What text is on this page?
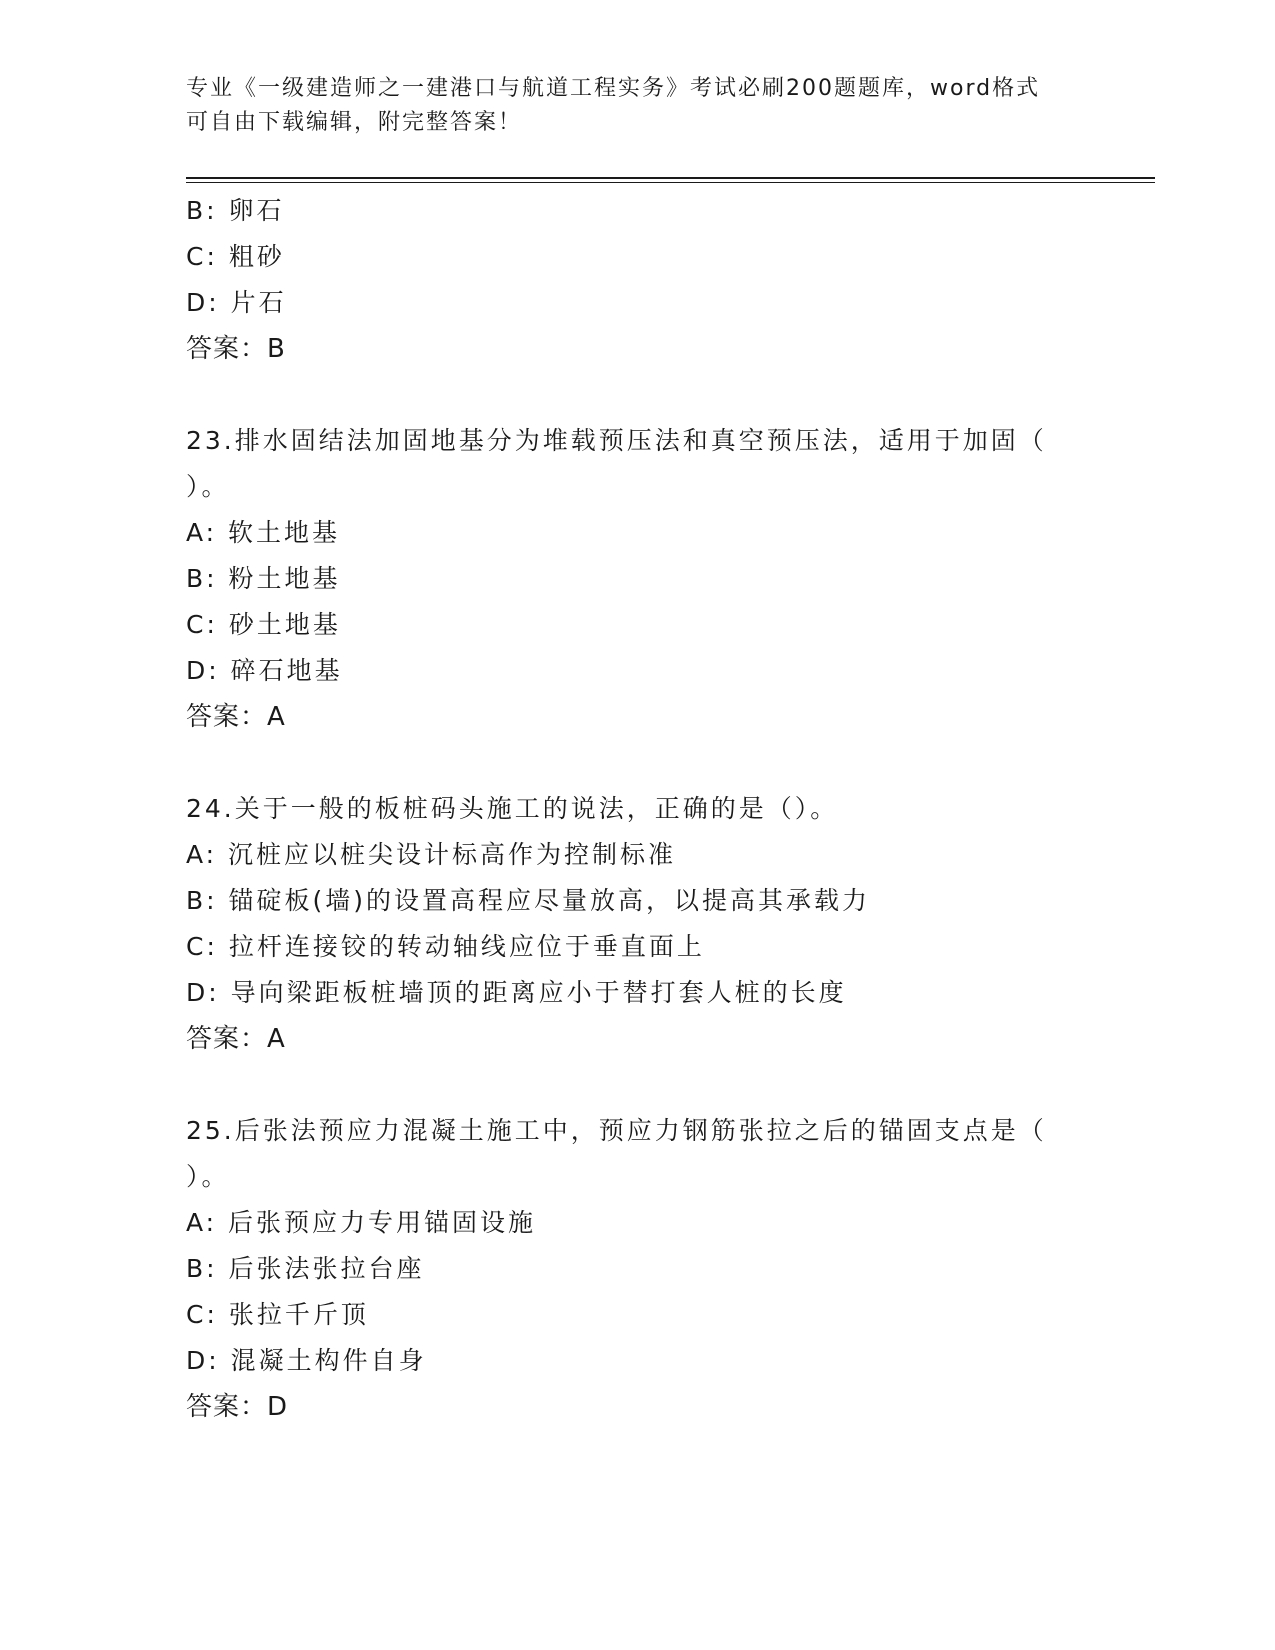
专业《一级建造师之一建港口与航道工程实务》考试必刷200题题库，word格式
可自由下载编辑，附完整答案！
B: 卵石
C: 粗砂
D: 片石
答案：B
23.排水固结法加固地基分为堆载预压法和真空预压法，适用于加固（
）。
A: 软土地基
B: 粉土地基
C: 砂土地基
D: 碎石地基
答案：A
24.关于一般的板桩码头施工的说法，正确的是（）。
A: 沉桩应以桩尖设计标高作为控制标准
B: 锚碇板(墙)的设置高程应尽量放高，以提高其承载力
C: 拉杆连接铰的转动轴线应位于垂直面上
D: 导向梁距板桩墙顶的距离应小于替打套人桩的长度
答案：A
25.后张法预应力混凝土施工中，预应力钢筋张拉之后的锚固支点是（
）。
A: 后张预应力专用锚固设施
B: 后张法张拉台座
C: 张拉千斤顶
D: 混凝土构件自身
答案：D
